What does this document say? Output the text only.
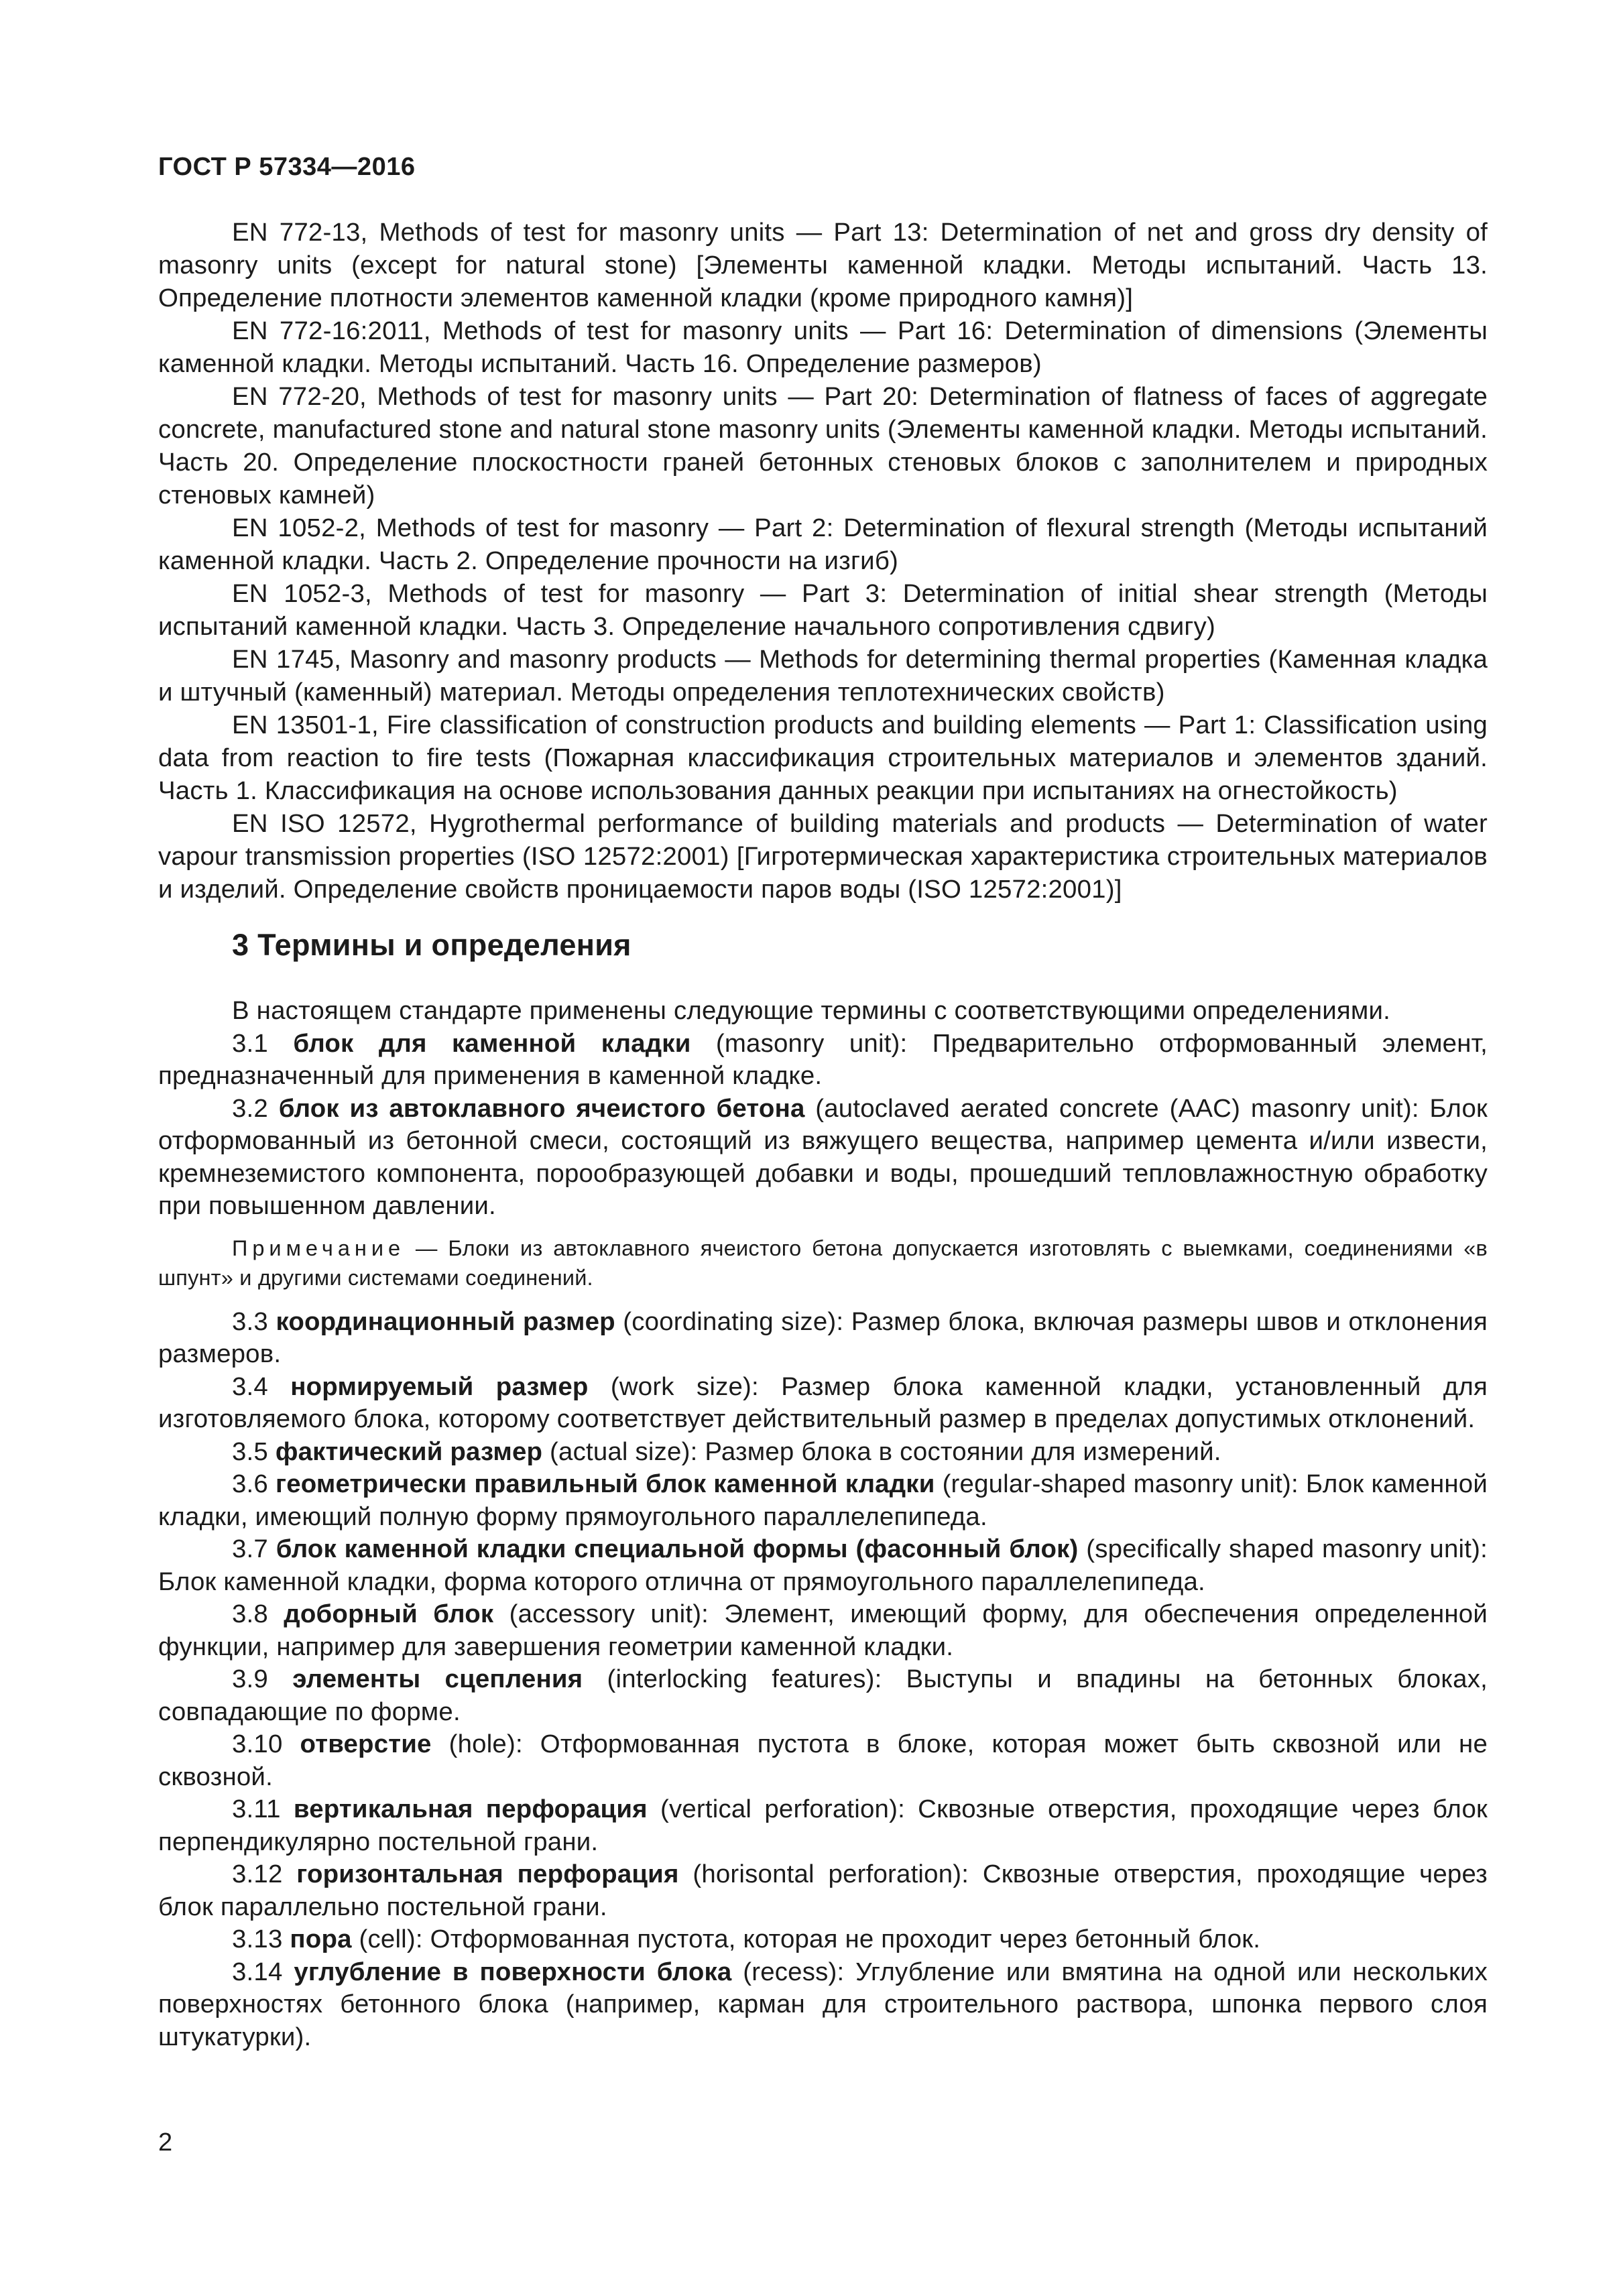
ГОСТ Р 57334—2016

EN 772-13, Methods of test for masonry units — Part 13: Determination of net and gross dry density of masonry units (except for natural stone) [Элементы каменной кладки. Методы испытаний. Часть 13. Определение плотности элементов каменной кладки (кроме природного камня)]

EN 772-16:2011, Methods of test for masonry units — Part 16: Determination of dimensions (Элементы каменной кладки. Методы испытаний. Часть 16. Определение размеров)

EN 772-20, Methods of test for masonry units — Part 20: Determination of flatness of faces of aggregate concrete, manufactured stone and natural stone masonry units (Элементы каменной кладки. Методы испытаний. Часть 20. Определение плоскостности граней бетонных стеновых блоков с заполнителем и природных стеновых камней)

EN 1052-2, Methods of test for masonry — Part 2: Determination of flexural strength (Методы испытаний каменной кладки. Часть 2. Определение прочности на изгиб)

EN 1052-3, Methods of test for masonry — Part 3: Determination of initial shear strength (Методы испытаний каменной кладки. Часть 3. Определение начального сопротивления сдвигу)

EN 1745, Masonry and masonry products — Methods for determining thermal properties (Каменная кладка и штучный (каменный) материал. Методы определения теплотехнических свойств)

EN 13501-1, Fire classification of construction products and building elements — Part 1: Classification using data from reaction to fire tests (Пожарная классификация строительных материалов и элементов зданий. Часть 1. Классификация на основе использования данных реакции при испытаниях на огнестойкость)

EN ISO 12572, Hygrothermal performance of building materials and products — Determination of water vapour transmission properties (ISO 12572:2001) [Гигротермическая характеристика строительных материалов и изделий. Определение свойств проницаемости паров воды (ISO 12572:2001)]

3 Термины и определения

В настоящем стандарте применены следующие термины с соответствующими определениями.

3.1 блок для каменной кладки (masonry unit): Предварительно отформованный элемент, предназначенный для применения в каменной кладке.

3.2 блок из автоклавного ячеистого бетона (autoclaved aerated concrete (AAC) masonry unit): Блок отформованный из бетонной смеси, состоящий из вяжущего вещества, например цемента и/или извести, кремнеземистого компонента, порообразующей добавки и воды, прошедший тепловлажностную обработку при повышенном давлении.

Примечание — Блоки из автоклавного ячеистого бетона допускается изготовлять с выемками, соединениями «в шпунт» и другими системами соединений.

3.3 координационный размер (coordinating size): Размер блока, включая размеры швов и отклонения размеров.

3.4 нормируемый размер (work size): Размер блока каменной кладки, установленный для изготовляемого блока, которому соответствует действительный размер в пределах допустимых отклонений.

3.5 фактический размер (actual size): Размер блока в состоянии для измерений.

3.6 геометрически правильный блок каменной кладки (regular-shaped masonry unit): Блок каменной кладки, имеющий полную форму прямоугольного параллелепипеда.

3.7 блок каменной кладки специальной формы (фасонный блок) (specifically shaped masonry unit): Блок каменной кладки, форма которого отлична от прямоугольного параллелепипеда.

3.8 доборный блок (accessory unit): Элемент, имеющий форму, для обеспечения определенной функции, например для завершения геометрии каменной кладки.

3.9 элементы сцепления (interlocking features): Выступы и впадины на бетонных блоках, совпадающие по форме.

3.10 отверстие (hole): Отформованная пустота в блоке, которая может быть сквозной или не сквозной.

3.11 вертикальная перфорация (vertical perforation): Сквозные отверстия, проходящие через блок перпендикулярно постельной грани.

3.12 горизонтальная перфорация (horisontal perforation): Сквозные отверстия, проходящие через блок параллельно постельной грани.

3.13 пора (cell): Отформованная пустота, которая не проходит через бетонный блок.

3.14 углубление в поверхности блока (recess): Углубление или вмятина на одной или нескольких поверхностях бетонного блока (например, карман для строительного раствора, шпонка первого слоя штукатурки).

2
